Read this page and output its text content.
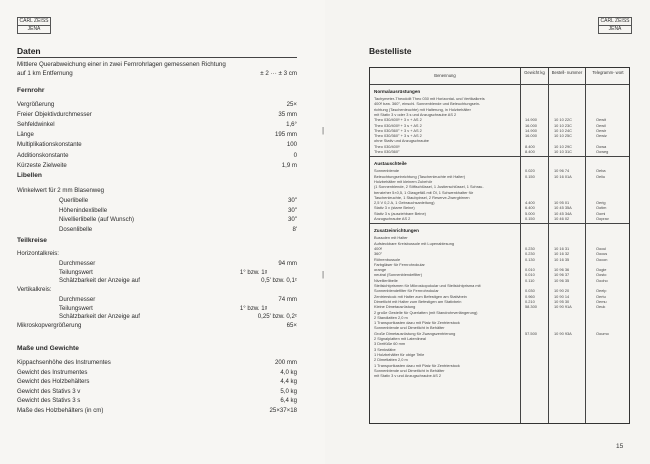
CARL ZEISS
JENA
Daten
Mittlere Querabweichung einer in zwei Fernrohrlagen gemessenen Richtung
auf 1 km Entfernung	± 2 ··· ± 3 cm
Fernrohr
Vergrößerung	25×
Freier Objektivdurchmesser	35 mm
Sehfeldwinkel	1,6°
Länge	195 mm
Multiplikationskonstante	100
Additionskonstante	0
Kürzeste Zielweite	1,9 m
Libellen
Winkelwert für 2 mm Blasenweg
Querlibelle	30"
Höhenindexlibelle	30"
Nivellierlibelle (auf Wunsch)	30"
Dosenlibelle	8'
Teilkreise
Horizontalkreis:
Durchmesser	94 mm
Teilungswert	1° bzw. 1ᵍ
Schätzbarkeit der Anzeige auf	0,5' bzw. 0,1ᶜ
Vertikalkreis:
Durchmesser	74 mm
Teilungswert	1° bzw. 1ᵍ
Schätzbarkeit der Anzeige auf	0,25' bzw. 0,2ᶜ
Mikroskopvergrößerung	65×
Maße und Gewichte
Kippachsenhöhe des Instrumentes	200 mm
Gewicht des Instrumentes	4,0 kg
Gewicht des Holzbehälters	4,4 kg
Gewicht des Stativs 3 v	5,0 kg
Gewicht des Stativs 3 s	6,4 kg
Maße des Holzbehälters (in cm)	25×37×18
|
|
CARL ZEISS
JENA
Bestelliste
15
Benennung
Gewicht kg	Bestell- nummer	Telegramm- wort
Normalausrüstungen
Tachymeter-Theodolit Theo 030 mit Horizontal- und Vertikalkreis
400ᵍ bzw. 360°, einschl. Sonnenblende und Beleuchtungsein-
richtung (Taschenleuchte) mit Halterung, in Holzbehälter
mit Stativ 3 v oder 3 s und Anzugschraube AS 2
Theo 030/400ᵍ + 3 v + AS 2	14.900	10 10 22C	Oewit
Theo 030/400ᵍ + 3 s + AS 2	16.000	10 10 23C	Oewil
Theo 030/360° + 3 v + AS 2	14.900	10 10 24C	Oewir
Theo 030/360° + 3 s + AS 2	16.000	10 10 25C	Oewiz
ohne Stativ und Anzugschraube
Theo 030/400ᵍ	8.400	10 10 29C	Oowa
Theo 030/360°	8.400	10 10 31C	Ooweg
Austauschteile
Sonnenblende	0.020	10 96 74	Oeba
Beleuchtungseinrichtung (Taschenleuchte mit Halter)	0.150	10 16 01A	Oeliu
Holzbehälter mit kleinem Zubehör
(1 Sonnenblende, 2 Stiftschlüssel, 1 Justierschlüssel, 1 Schrau-
benzieher 5×0,5, 1 Glasgefäß mit Öl, 1 Schwenkhalter für
Taschenleuchte, 1 Staubpinsel, 2 Reserve-Zwergbirnen
2,5 V 0,2 A, 1 Gebrauchsanleitung)	4.400	10 95 01	Oerig
Stativ 3 v (starre Beine)	6.400	10 45 35A	Ootim
Stativ 3 s (ausziehbare Beine)	5.000	10 45 34A	Oomi
Anzugschraube AS 2	0.150	10 46 02	Ooprav
Zusatzeinrichtungen
Bussolen mit Halter
Aufsteckbare Kreisbussole mit Lupenablesung
400ᵍ	0.230	10 16 31	Oocul
360°	0.230	10 16 32	Oocus
Röhrenbussole	0.130	10 16 35	Oocon
Farbgläser für Fernrohrokular
orange	0.010	10 96 36	Oogie
neutral (Sonnenblendefilter)	0.010	10 96 37	Oosto
Nivellierlibelle	0.110	10 96 35	Oooho
Steilsichtprismen für Mikroskopokular und Steilsichtprisma mit
Sonnenblendefilter für Fernrohrokular	0.030	10 90 20	Oeelp
Zentrierstock mit Halter zum Befestigen am Stativbein	0.960	10 90 14	Oertu
Dimetlicht mit Halter zum Befestigen am Stativbein	0.210	10 95 30	Oemu
Kleine Dimetausrüstung	58.300	10 90 91A	Oeuk
2 große Gestelle für Querlatten (mit Standrohrverlängerung)
2 Standlatten 2,0 m
1 Transportkasten dazu mit Platz für Zentrierstock
Sonnenblende und Dimetlicht in Behälter
Große Dimetausrüstung für Zwangszentrierung	57.500	10 90 93A	Ooumo
2 Signalplatten mit Latenlineal
3 Dreifüße 60 mm
3 Senkstäbe
1 Holzbehälter für obige Teile
2 Dimetlatten 2,0 m
1 Transportkasten dazu mit Platz für Zentrierstock
Sonnenblende und Dimetlicht in Behälter
mit Stativ 3 v und Anzugschraube AS 2
